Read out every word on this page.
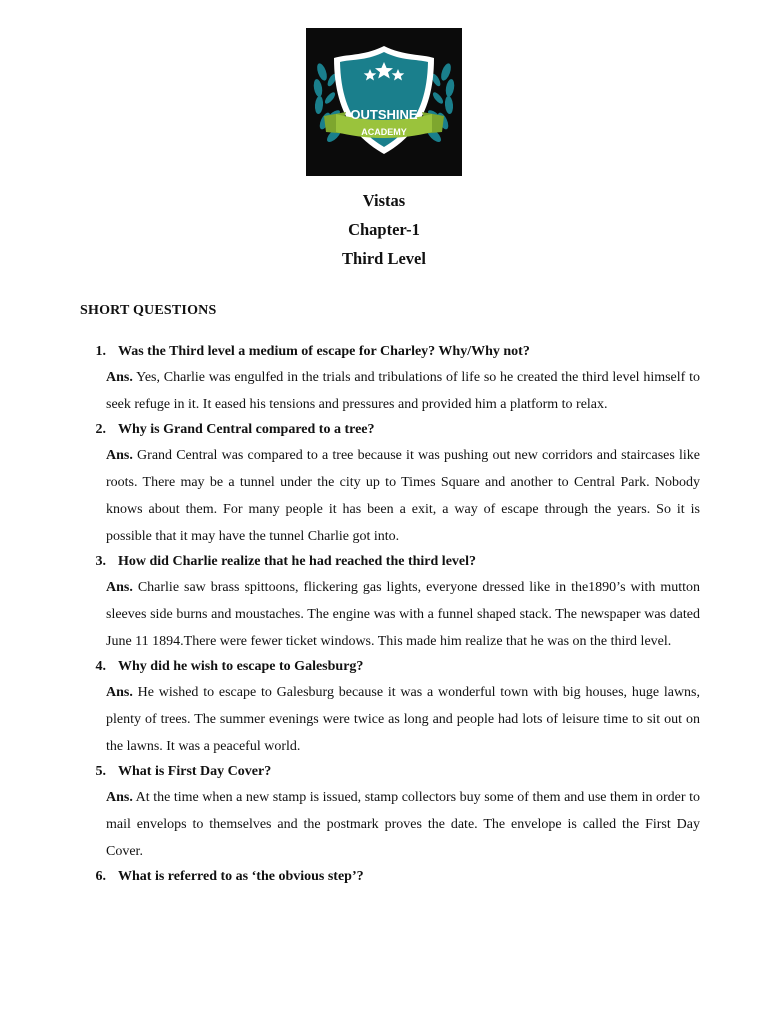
OUTSHINE
ACADEMY
Vistas
Chapter-1
Third Level
SHORT QUESTIONS
1. Was the Third level a medium of escape for Charley? Why/Why not?
Ans. Yes, Charlie was engulfed in the trials and tribulations of life so he created the third level himself to seek refuge in it. It eased his tensions and pressures and provided him a platform to relax.
2. Why is Grand Central compared to a tree?
Ans. Grand Central was compared to a tree because it was pushing out new corridors and staircases like roots. There may be a tunnel under the city up to Times Square and another to Central Park. Nobody knows about them. For many people it has been a exit, a way of escape through the years. So it is possible that it may have the tunnel Charlie got into.
3. How did Charlie realize that he had reached the third level?
Ans. Charlie saw brass spittoons, flickering gas lights, everyone dressed like in the1890’s with mutton sleeves side burns and moustaches. The engine was with a funnel shaped stack. The newspaper was dated June 11 1894.There were fewer ticket windows. This made him realize that he was on the third level.
4. Why did he wish to escape to Galesburg?
Ans. He wished to escape to Galesburg because it was a wonderful town with big houses, huge lawns, plenty of trees. The summer evenings were twice as long and people had lots of leisure time to sit out on the lawns. It was a peaceful world.
5. What is First Day Cover?
Ans. At the time when a new stamp is issued, stamp collectors buy some of them and use them in order to mail envelops to themselves and the postmark proves the date. The envelope is called the First Day Cover.
6. What is referred to as ‘the obvious step’?
